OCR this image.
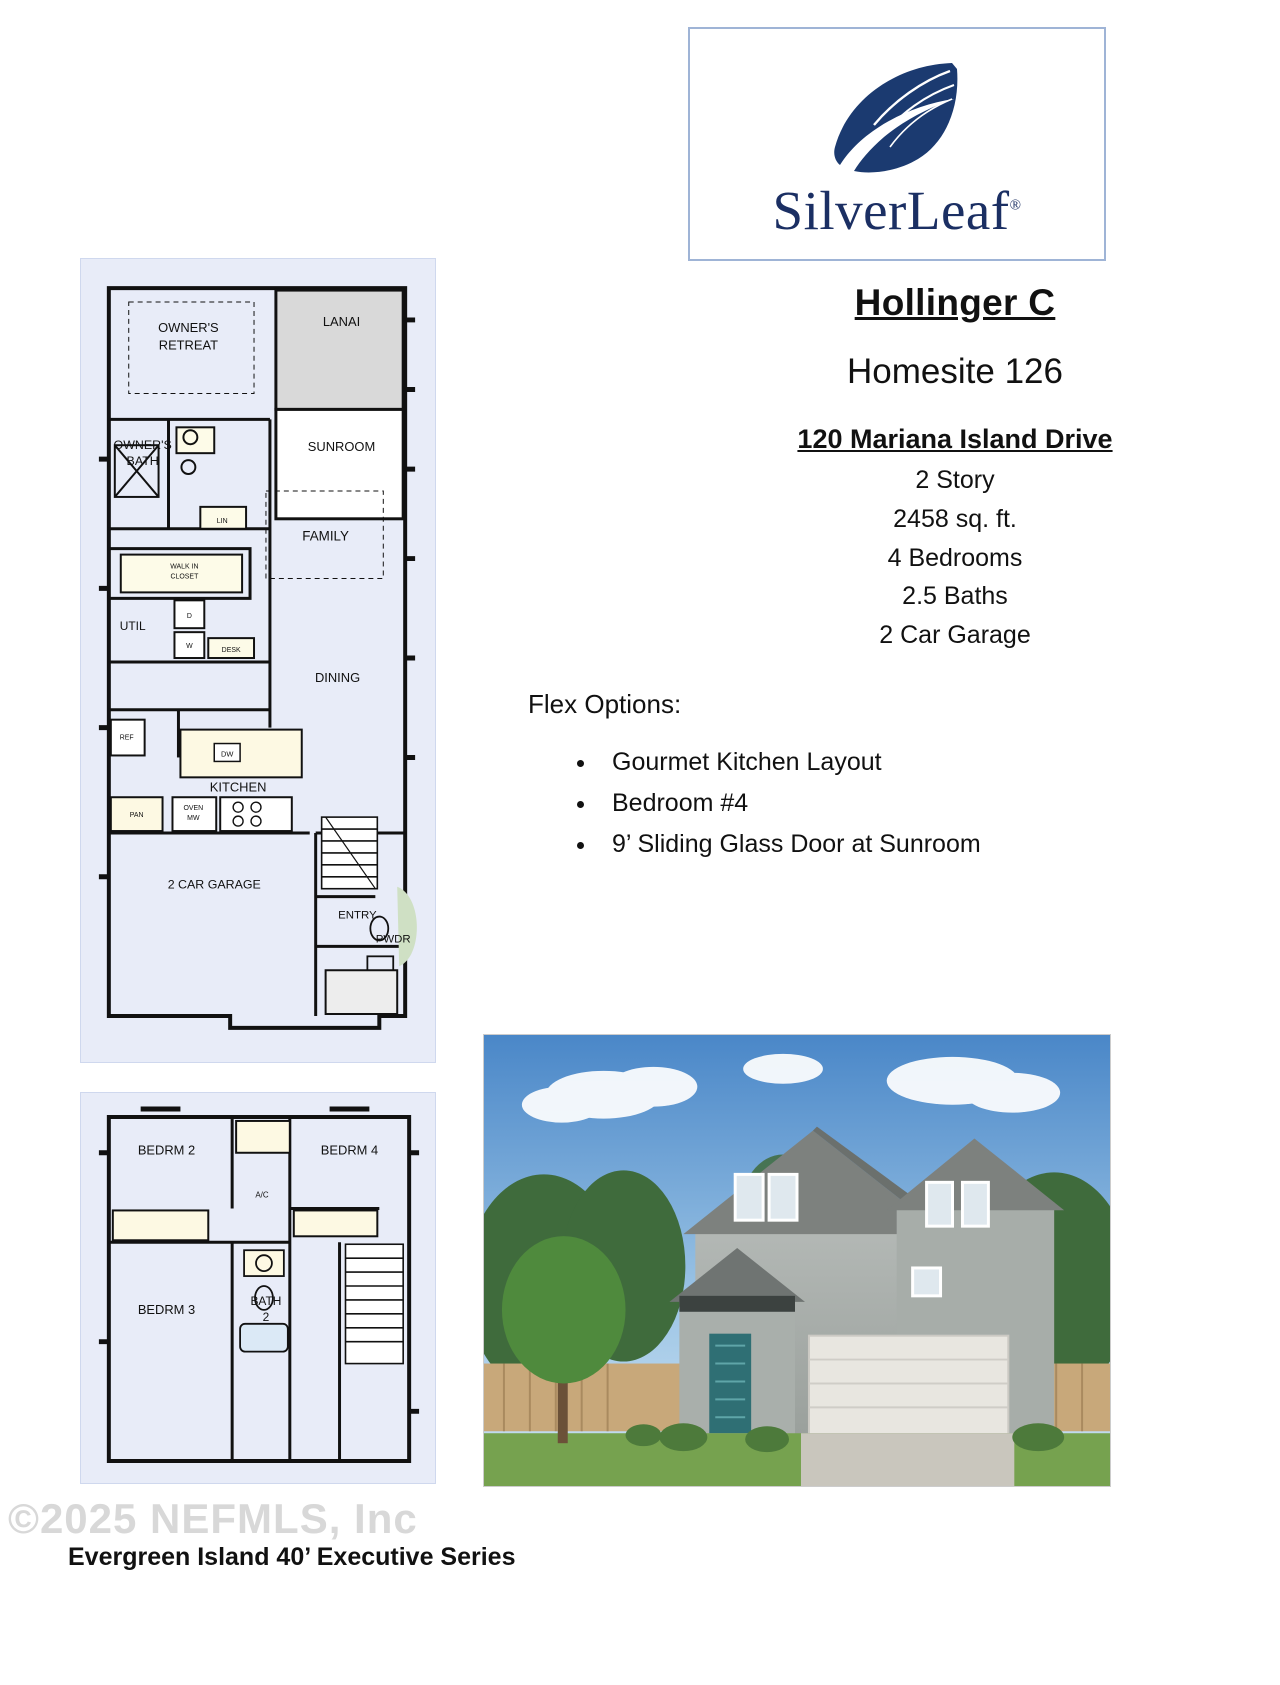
SilverLeaf®
Hollinger C
Homesite 126
120 Mariana Island Drive
2 Story
2458 sq. ft.
4 Bedrooms
2.5 Baths
2 Car Garage
Flex Options:
• Gourmet Kitchen Layout
• Bedroom #4
• 9’ Sliding Glass Door at Sunroom
OWNER'S
RETREAT
LANAI
SUNROOM
OWNER'S
BATH
LIN
FAMILY
WALK IN
CLOSET
UTIL
D
W
DESK
DINING
REF
DW
KITCHEN
PAN
OVEN
MW
2 CAR GARAGE
ENTRY
PWDR
BEDRM 2	BEDRM 4
A/C
BEDRM 3
BATH
2
©2025 NEFMLS, Inc
Evergreen Island 40’ Executive Series
